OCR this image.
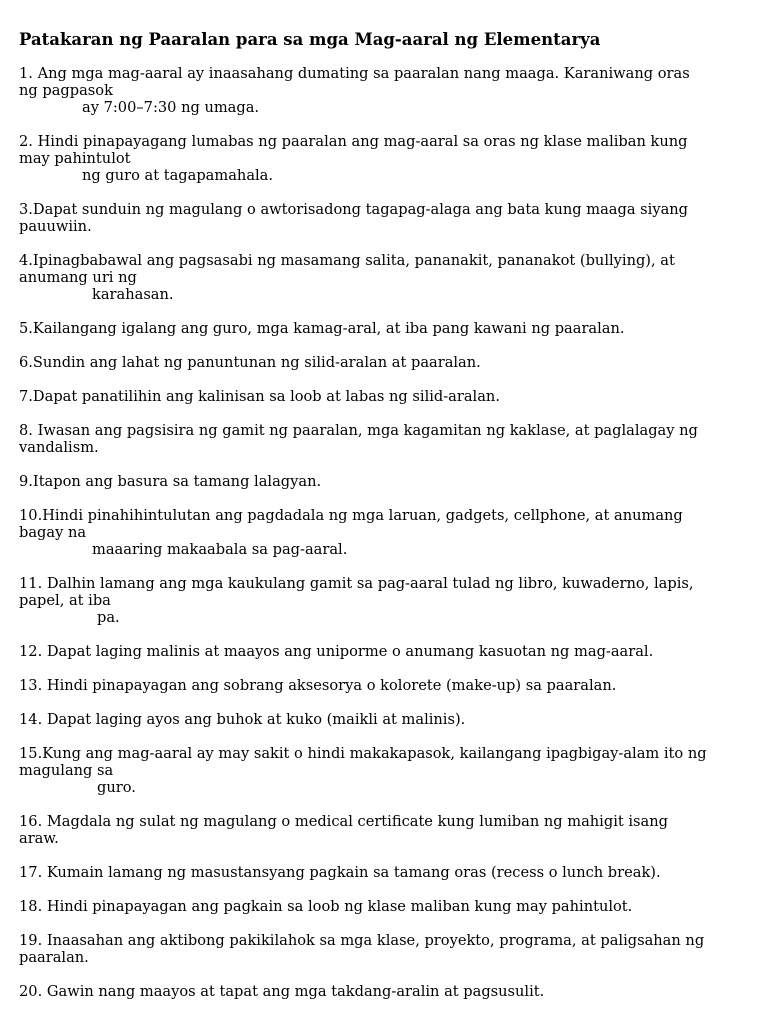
Patakaran ng Paaralan para sa mga Mag-aaral ng Elementarya
1. Ang mga mag-aaral ay inaasahang dumating sa paaralan nang maaga. Karaniwang oras
ng pagpasok
ay 7:00–7:30 ng umaga.
2. Hindi pinapayagang lumabas ng paaralan ang mag-aaral sa oras ng klase maliban kung
may pahintulot
ng guro at tagapamahala.
3.Dapat sunduin ng magulang o awtorisadong tagapag-alaga ang bata kung maaga siyang
pauuwiin.
4.Ipinagbabawal ang pagsasabi ng masamang salita, pananakit, pananakot (bullying), at
anumang uri ng
karahasan.
5.Kailangang igalang ang guro, mga kamag-aral, at iba pang kawani ng paaralan.
6.Sundin ang lahat ng panuntunan ng silid-aralan at paaralan.
7.Dapat panatilihin ang kalinisan sa loob at labas ng silid-aralan.
8. Iwasan ang pagsisira ng gamit ng paaralan, mga kagamitan ng kaklase, at paglalagay ng
vandalism.
9.Itapon ang basura sa tamang lalagyan.
10.Hindi pinahihintulutan ang pagdadala ng mga laruan, gadgets, cellphone, at anumang
bagay na
maaaring makaabala sa pag-aaral.
11. Dalhin lamang ang mga kaukulang gamit sa pag-aaral tulad ng libro, kuwaderno, lapis,
papel, at iba
pa.
12. Dapat laging malinis at maayos ang uniporme o anumang kasuotan ng mag-aaral.
13. Hindi pinapayagan ang sobrang aksesorya o kolorete (make-up) sa paaralan.
14. Dapat laging ayos ang buhok at kuko (maikli at malinis).
15.Kung ang mag-aaral ay may sakit o hindi makakapasok, kailangang ipagbigay-alam ito ng
magulang sa
guro.
16. Magdala ng sulat ng magulang o medical certificate kung lumiban ng mahigit isang
araw.
17. Kumain lamang ng masustansyang pagkain sa tamang oras (recess o lunch break).
18. Hindi pinapayagan ang pagkain sa loob ng klase maliban kung may pahintulot.
19. Inaasahan ang aktibong pakikilahok sa mga klase, proyekto, programa, at paligsahan ng
paaralan.
20. Gawin nang maayos at tapat ang mga takdang-aralin at pagsusulit.
